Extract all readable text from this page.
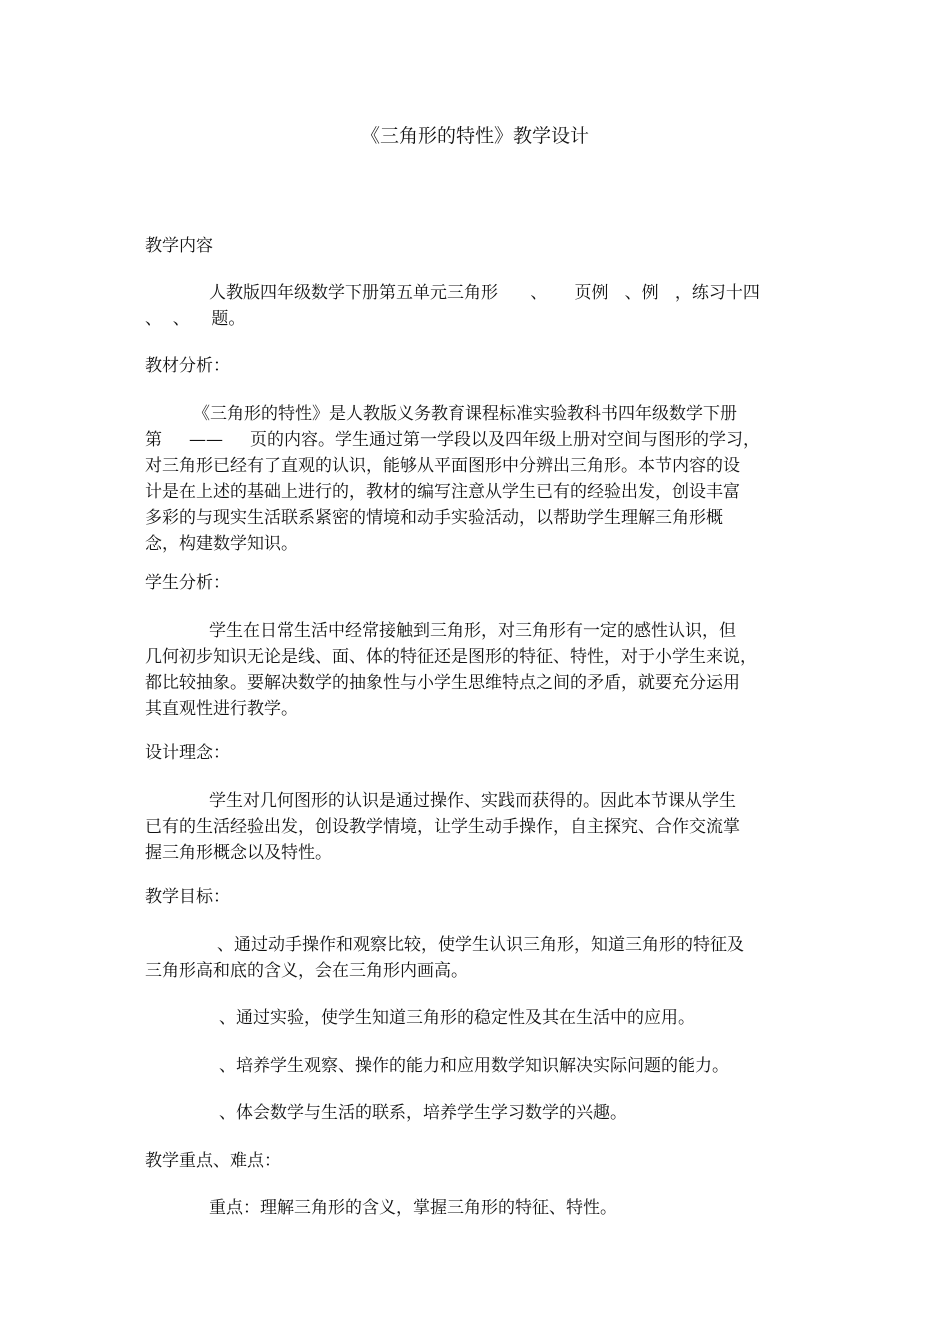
《三角形的特性》教学设计
教学内容
人教版四年级数学下册第五单元三角形      、     页例   、例   ，练习十四
、  、    题。
教材分析：
《三角形的特性》是人教版义务教育课程标准实验教科书四年级数学下册
第     ——     页的内容。学生通过第一学段以及四年级上册对空间与图形的学习，
对三角形已经有了直观的认识，能够从平面图形中分辨出三角形。本节内容的设
计是在上述的基础上进行的，教材的编写注意从学生已有的经验出发，创设丰富
多彩的与现实生活联系紧密的情境和动手实验活动，以帮助学生理解三角形概
念，构建数学知识。
学生分析：
学生在日常生活中经常接触到三角形，对三角形有一定的感性认识，但
几何初步知识无论是线、面、体的特征还是图形的特征、特性，对于小学生来说，
都比较抽象。要解决数学的抽象性与小学生思维特点之间的矛盾，就要充分运用
其直观性进行教学。
设计理念：
学生对几何图形的认识是通过操作、实践而获得的。因此本节课从学生
已有的生活经验出发，创设教学情境，让学生动手操作，自主探究、合作交流掌
握三角形概念以及特性。
教学目标：
、通过动手操作和观察比较，使学生认识三角形，知道三角形的特征及
三角形高和底的含义，会在三角形内画高。
、通过实验，使学生知道三角形的稳定性及其在生活中的应用。
、培养学生观察、操作的能力和应用数学知识解决实际问题的能力。
、体会数学与生活的联系，培养学生学习数学的兴趣。
教学重点、难点：
重点：理解三角形的含义，掌握三角形的特征、特性。
